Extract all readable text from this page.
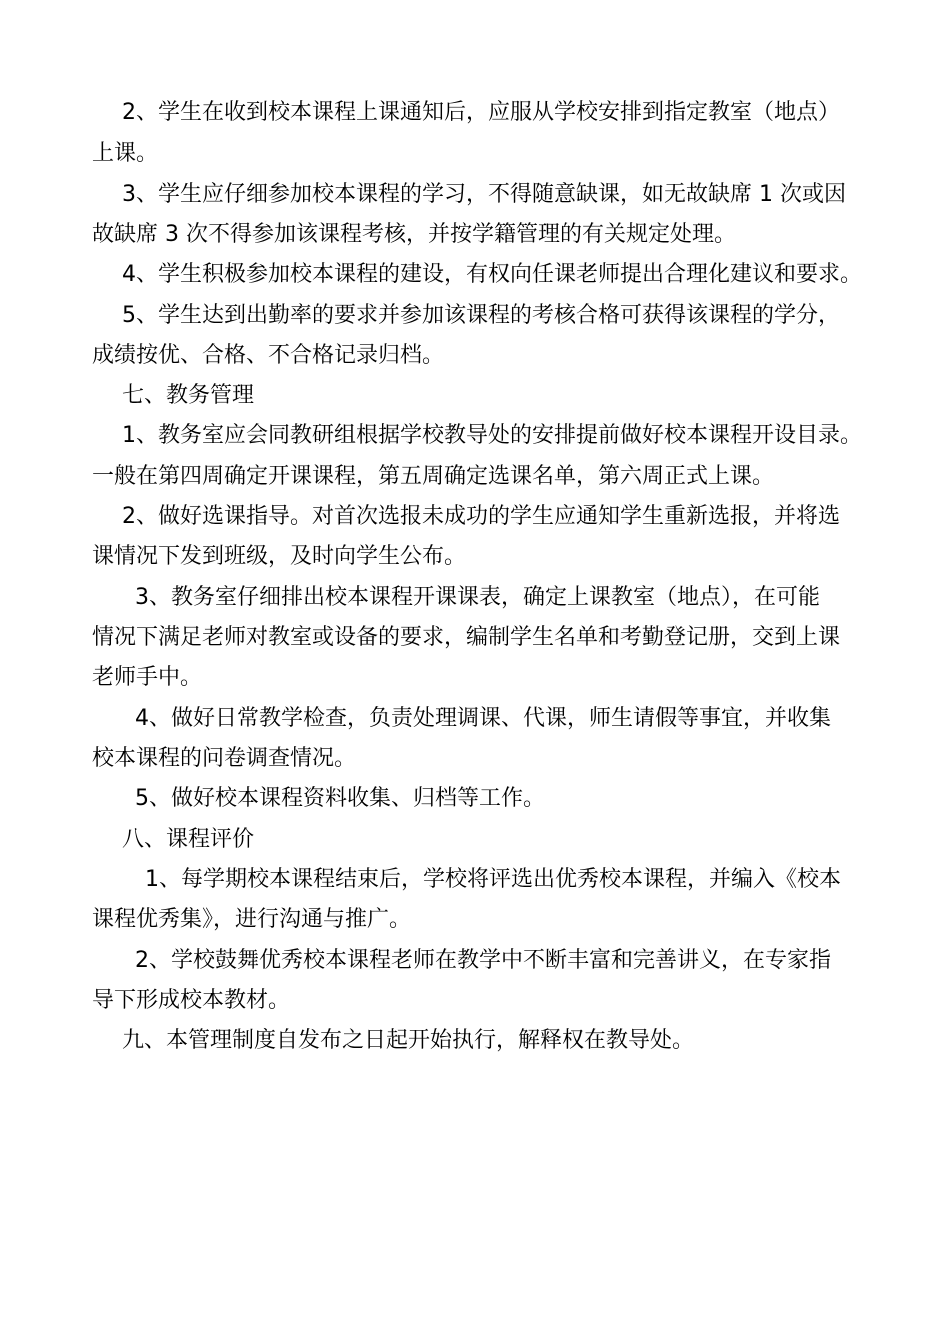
2、学生在收到校本课程上课通知后，应服从学校安排到指定教室（地点）
上课。
3、学生应仔细参加校本课程的学习，不得随意缺课，如无故缺席 1 次或因
故缺席 3 次不得参加该课程考核，并按学籍管理的有关规定处理。
4、学生积极参加校本课程的建设，有权向任课老师提出合理化建议和要求。
5、学生达到出勤率的要求并参加该课程的考核合格可获得该课程的学分，
成绩按优、合格、不合格记录归档。
七、教务管理
1、教务室应会同教研组根据学校教导处的安排提前做好校本课程开设目录。
一般在第四周确定开课课程，第五周确定选课名单，第六周正式上课。
2、做好选课指导。对首次选报未成功的学生应通知学生重新选报，并将选
课情况下发到班级，及时向学生公布。
3、教务室仔细排出校本课程开课课表，确定上课教室（地点），在可能
情况下满足老师对教室或设备的要求，编制学生名单和考勤登记册，交到上课
老师手中。
4、做好日常教学检查，负责处理调课、代课，师生请假等事宜，并收集
校本课程的问卷调查情况。
5、做好校本课程资料收集、归档等工作。
八、课程评价
1、每学期校本课程结束后，学校将评选出优秀校本课程，并编入《校本
课程优秀集》，进行沟通与推广。
2、学校鼓舞优秀校本课程老师在教学中不断丰富和完善讲义，在专家指
导下形成校本教材。
九、本管理制度自发布之日起开始执行，解释权在教导处。
